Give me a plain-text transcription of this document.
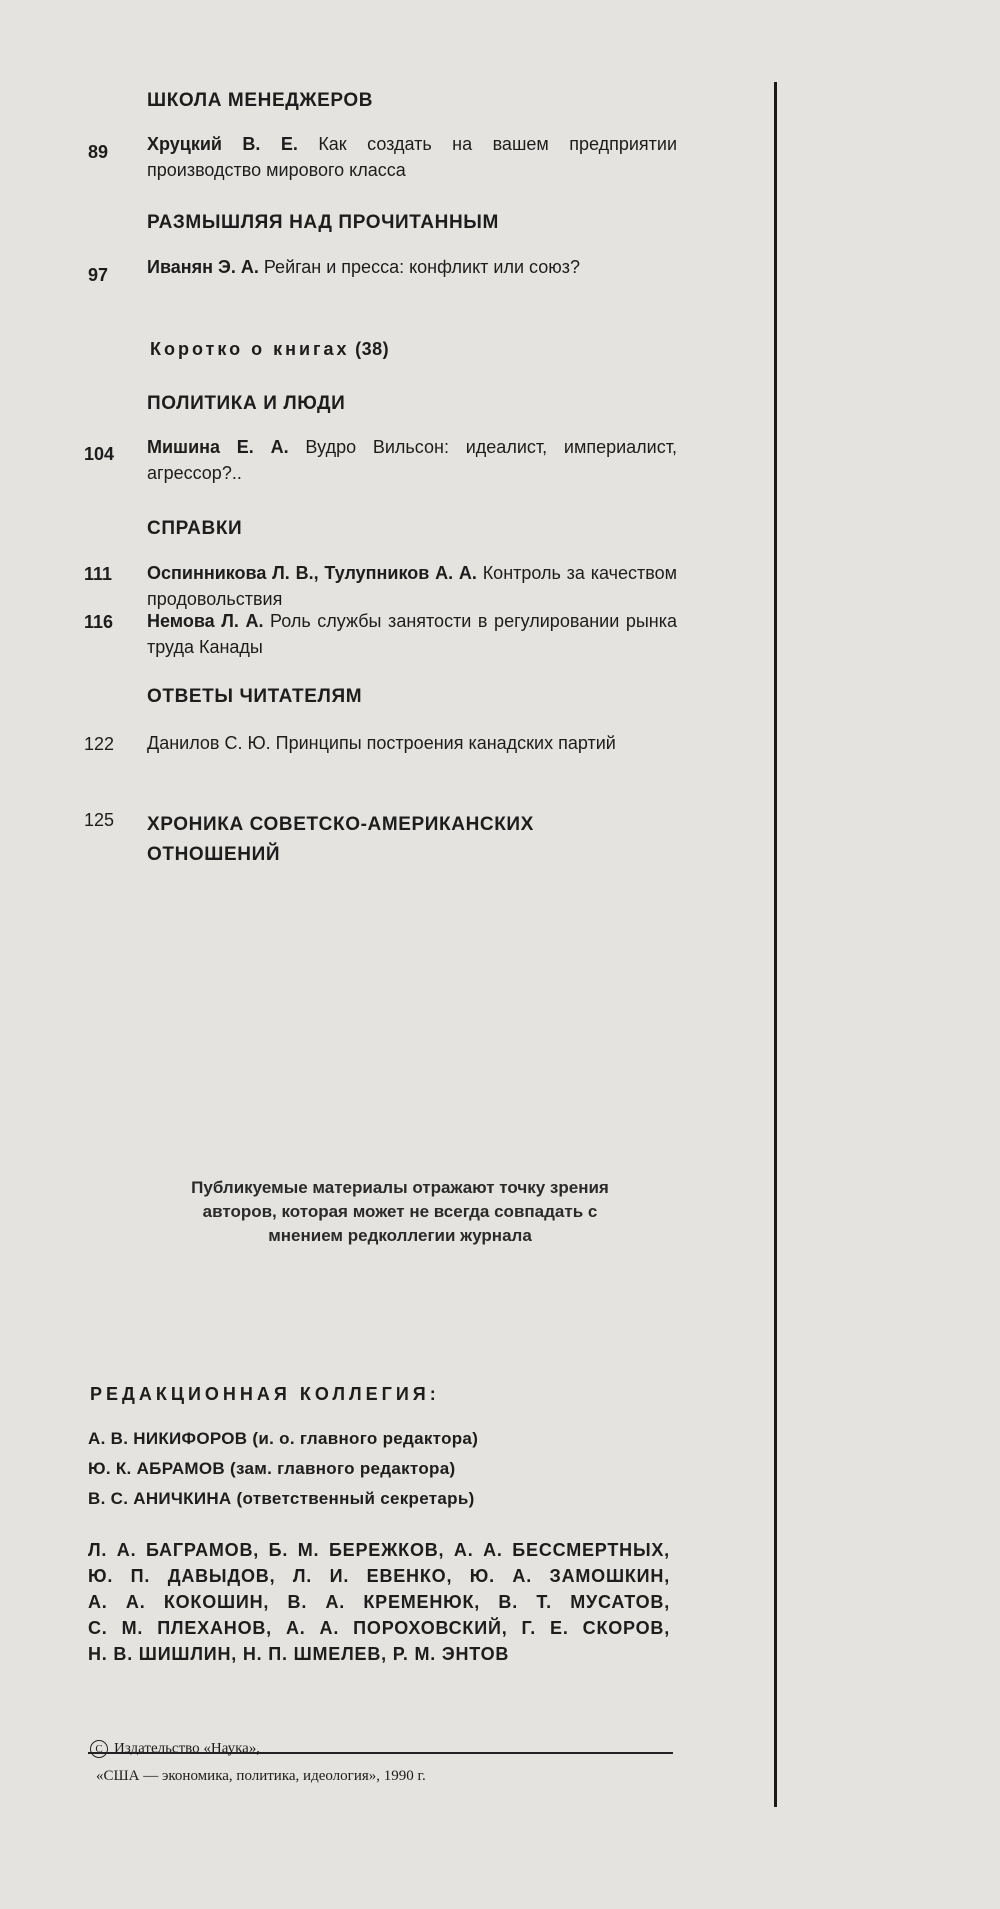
ШКОЛА МЕНЕДЖЕРОВ
89	Хруцкий В. Е. Как создать на вашем предприятии производство мирового класса
РАЗМЫШЛЯЯ НАД ПРОЧИТАННЫМ
97	Иванян Э. А. Рейган и пресса: конфликт или союз?
Коротко о книгах (38)
ПОЛИТИКА И ЛЮДИ
104	Мишина Е. А. Вудро Вильсон: идеалист, империалист, агрессор?..
СПРАВКИ
111	Оспинникова Л. В., Тулупников А. А. Контроль за качеством продовольствия
116	Немова Л. А. Роль службы занятости в регулировании рынка труда Канады
ОТВЕТЫ ЧИТАТЕЛЯМ
122	Данилов С. Ю. Принципы построения канадских партий
125	ХРОНИКА СОВЕТСКО-АМЕРИКАНСКИХ
ОТНОШЕНИЙ
Публикуемые материалы отражают точку зрения
авторов, которая может не всегда совпадать с
мнением редколлегии журнала
РЕДАКЦИОННАЯ КОЛЛЕГИЯ:
А. В. НИКИФОРОВ (и. о. главного редактора)
Ю. К. АБРАМОВ (зам. главного редактора)
В. С. АНИЧКИНА (ответственный секретарь)
Л. А. БАГРАМОВ, Б. М. БЕРЕЖКОВ, А. А. БЕССМЕРТНЫХ,
Ю. П. ДАВЫДОВ, Л. И. ЕВЕНКО, Ю. А. ЗАМОШКИН,
А. А. КОКОШИН, В. А. КРЕМЕНЮК, В. Т. МУСАТОВ,
С. М. ПЛЕХАНОВ, А. А. ПОРОХОВСКИЙ, Г. Е. СКОРОВ,
Н. В. ШИШЛИН, Н. П. ШМЕЛЕВ, Р. М. ЭНТОВ
C Издательство «Наука»,
«США — экономика, политика, идеология», 1990 г.
